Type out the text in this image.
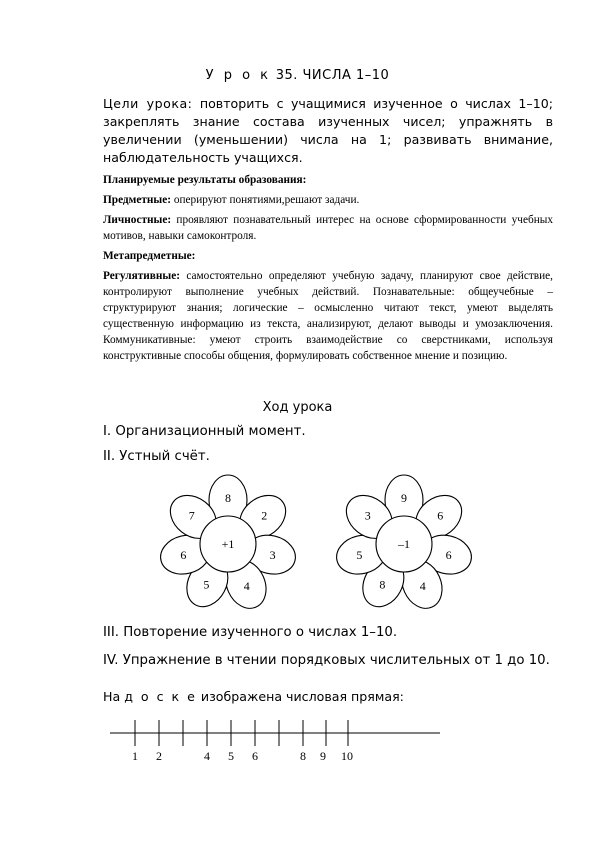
У р о к 35. ЧИСЛА 1–10
Цели урока: повторить с учащимися изученное о числах 1–10; закреплять знание состава изученных чисел; упражнять в увеличении (уменьшении) числа на 1; развивать внимание, наблюдательность учащихся.

Планируемые результаты образования:

Предметные: оперируют понятиями,решают задачи.

Личностные: проявляют познавательный интерес на основе сформированности учебных мотивов, навыки самоконтроля.

Метапредметные:

Регулятивные: самостоятельно определяют учебную задачу, планируют свое действие, контролируют выполнение учебных действий. Познавательные: общеучебные – структурируют знания; логические – осмысленно читают текст, умеют выделять существенную информацию из текста, анализируют, делают выводы и умозаключения. Коммуникативные: умеют строить взаимодействие со сверстниками, используя конструктивные способы общения, формулировать собственное мнение и позицию.

Ход урока
I. Организационный момент.
II. Устный счёт.
8
2
3
4
5
6
7
+1
9
6
6
4
8
5
3
–1
1 2	4 5 6	8 9 10
III. Повторение изученного о числах 1–10.
IV. Упражнение в чтении порядковых числительных от 1 до 10.
На д о с к е изображена числовая прямая:
